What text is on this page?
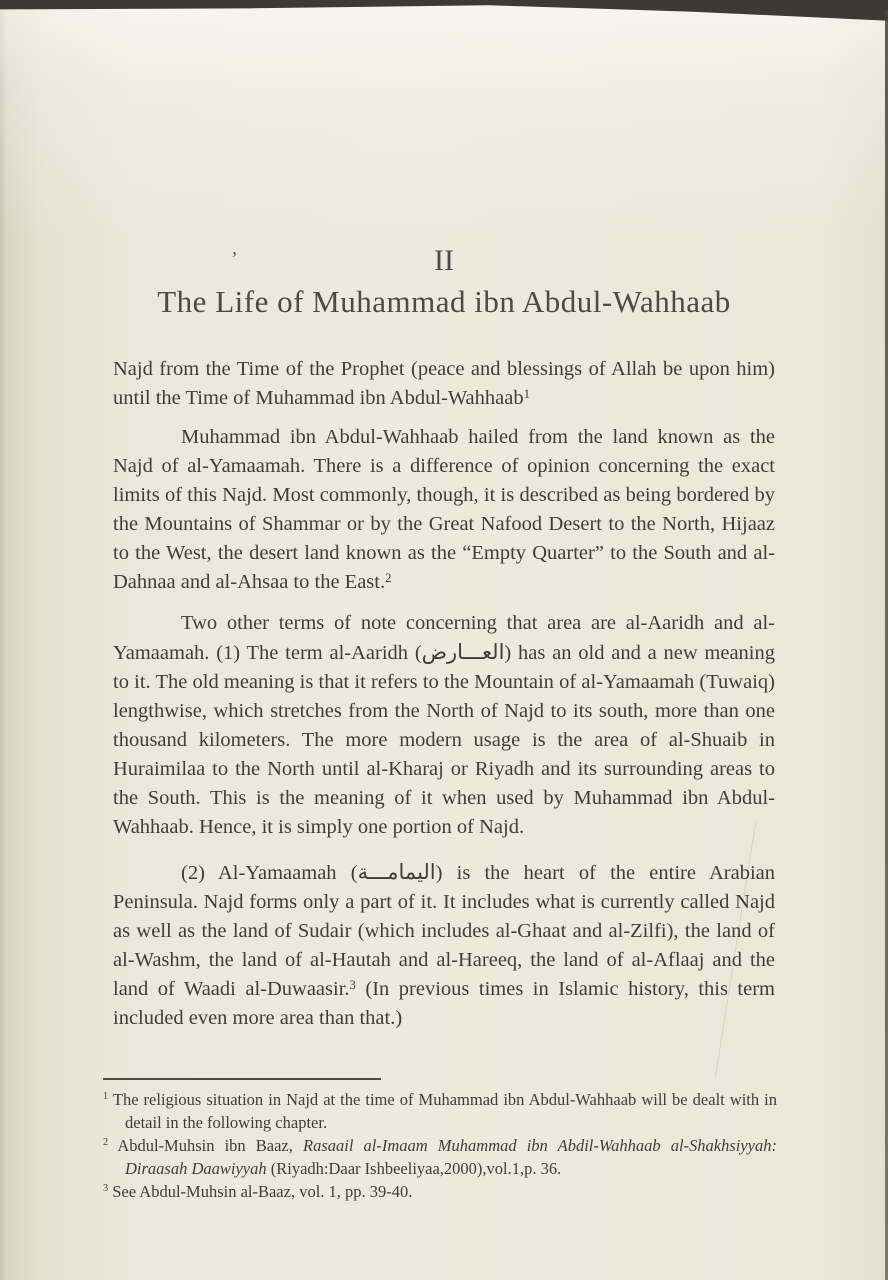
’	II
The Life of Muhammad ibn Abdul-Wahhaab

Najd from the Time of the Prophet (peace and blessings of Allah be upon him) until the Time of Muhammad ibn Abdul-Wahhaab$^1$

Muhammad ibn Abdul-Wahhaab hailed from the land known as the Najd of al-Yamaamah. There is a difference of opinion concerning the exact limits of this Najd. Most commonly, though, it is described as being bordered by the Mountains of Shammar or by the Great Nafood Desert to the North, Hijaaz to the West, the desert land known as the “Empty Quarter” to the South and al-Dahnaa and al-Ahsaa to the East.$^2$

Two other terms of note concerning that area are al-Aaridh and al-Yamaamah. (1) The term al-Aaridh (العـــارض) has an old and a new meaning to it. The old meaning is that it refers to the Mountain of al-Yamaamah (Tuwaiq) lengthwise, which stretches from the North of Najd to its south, more than one thousand kilometers. The more modern usage is the area of al-Shuaib in Huraimilaa to the North until al-Kharaj or Riyadh and its surrounding areas to the South. This is the meaning of it when used by Muhammad ibn Abdul-Wahhaab. Hence, it is simply one portion of Najd.

(2) Al-Yamaamah (اليمامـــة) is the heart of the entire Arabian Peninsula. Najd forms only a part of it. It includes what is currently called Najd as well as the land of Sudair (which includes al-Ghaat and al-Zilfi), the land of al-Washm, the land of al-Hautah and al-Hareeq, the land of al-Aflaaj and the land of Waadi al-Duwaasir.$^3$ (In previous times in Islamic history, this term included even more area than that.)

$^1$ The religious situation in Najd at the time of Muhammad ibn Abdul-Wahhaab will be dealt with in detail in the following chapter.
$^2$ Abdul-Muhsin ibn Baaz, Rasaail al-Imaam Muhammad ibn Abdil-Wahhaab al-Shakhsiyyah: Diraasah Daawiyyah (Riyadh:Daar Ishbeeliyaa,2000),vol.1,p. 36.
$^3$ See Abdul-Muhsin al-Baaz, vol. 1, pp. 39-40.
